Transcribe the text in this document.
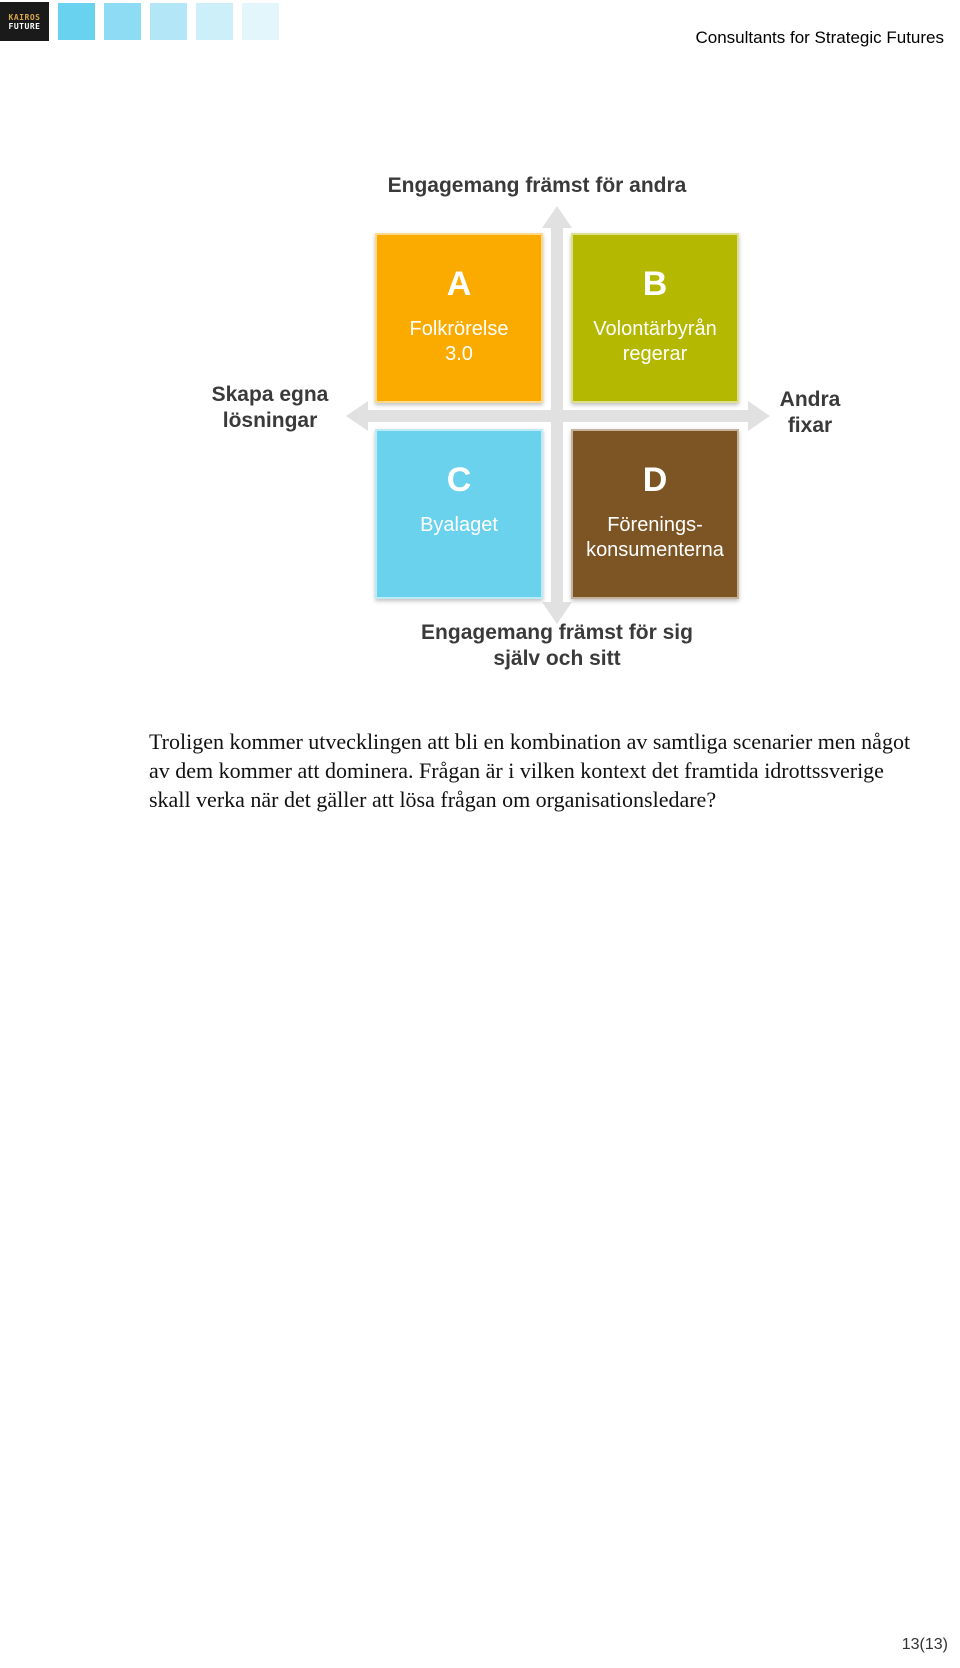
KAIROS
FUTURE
Consultants for Strategic Futures
Engagemang främst för andra
Engagemang främst för sig
själv och sitt
Skapa egna
lösningar
Andra
fixar
A
Folkrörelse
3.0
B
Volontärbyrån
regerar
C
Byalaget
D
Förenings-
konsumenterna

Troligen kommer utvecklingen att bli en kombination av samtliga scenarier men något av dem kommer att dominera. Frågan är i vilken kontext det framtida idrottssverige skall verka när det gäller att lösa frågan om organisationsledare?

13(13)
